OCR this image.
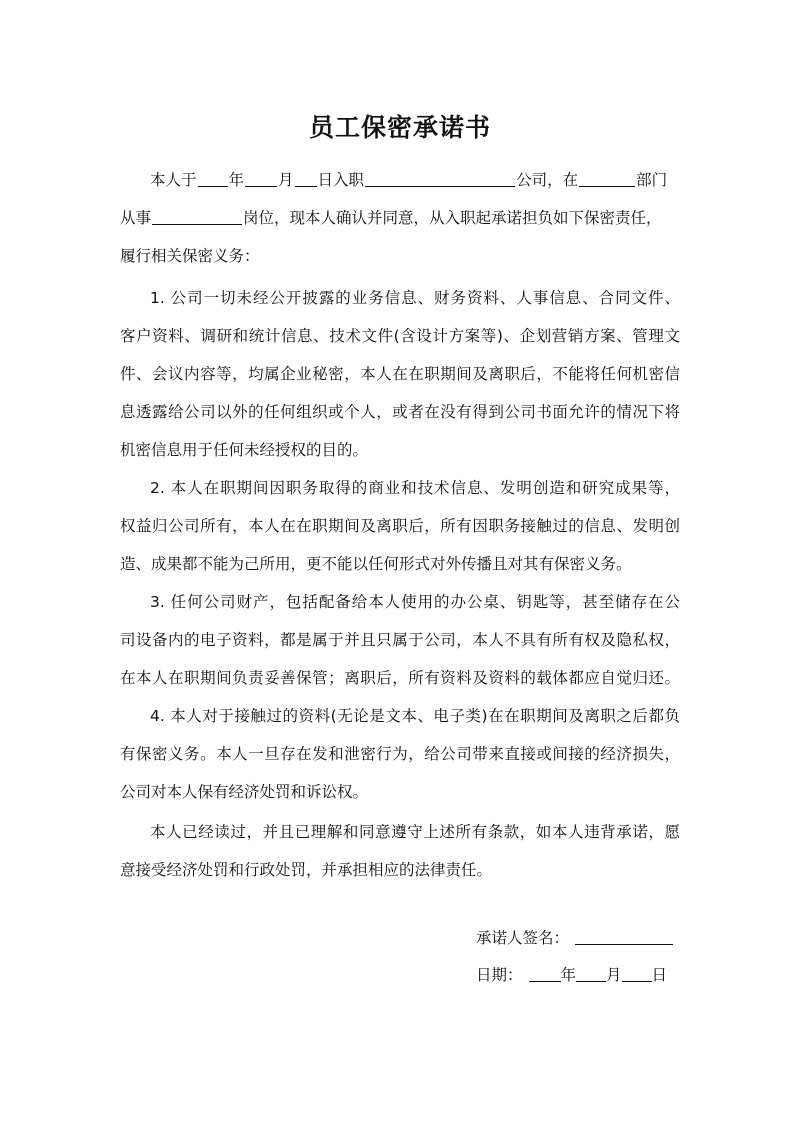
员工保密承诺书
本人于 年 月 日入职	公司，在	部门
从事	岗位，现本人确认并同意，从入职起承诺担负如下保密责任，
履行相关保密义务：
1. 公司一切未经公开披露的业务信息、财务资料、人事信息、合同文件、
客户资料、调研和统计信息、技术文件(含设计方案等)、企划营销方案、管理文
件、会议内容等，均属企业秘密，本人在在职期间及离职后，不能将任何机密信
息透露给公司以外的任何组织或个人，或者在没有得到公司书面允许的情况下将
机密信息用于任何未经授权的目的。
2. 本人在职期间因职务取得的商业和技术信息、发明创造和研究成果等，
权益归公司所有，本人在在职期间及离职后，所有因职务接触过的信息、发明创
造、成果都不能为己所用，更不能以任何形式对外传播且对其有保密义务。
3. 任何公司财产，包括配备给本人使用的办公桌、钥匙等，甚至储存在公
司设备内的电子资料，都是属于并且只属于公司，本人不具有所有权及隐私权，
在本人在职期间负责妥善保管；离职后，所有资料及资料的载体都应自觉归还。
4. 本人对于接触过的资料(无论是文本、电子类)在在职期间及离职之后都负
有保密义务。本人一旦存在发和泄密行为，给公司带来直接或间接的经济损失，
公司对本人保有经济处罚和诉讼权。
本人已经读过，并且已理解和同意遵守上述所有条款，如本人违背承诺，愿
意接受经济处罚和行政处罚，并承担相应的法律责任。
承诺人签名：
日期： 年 月 日
